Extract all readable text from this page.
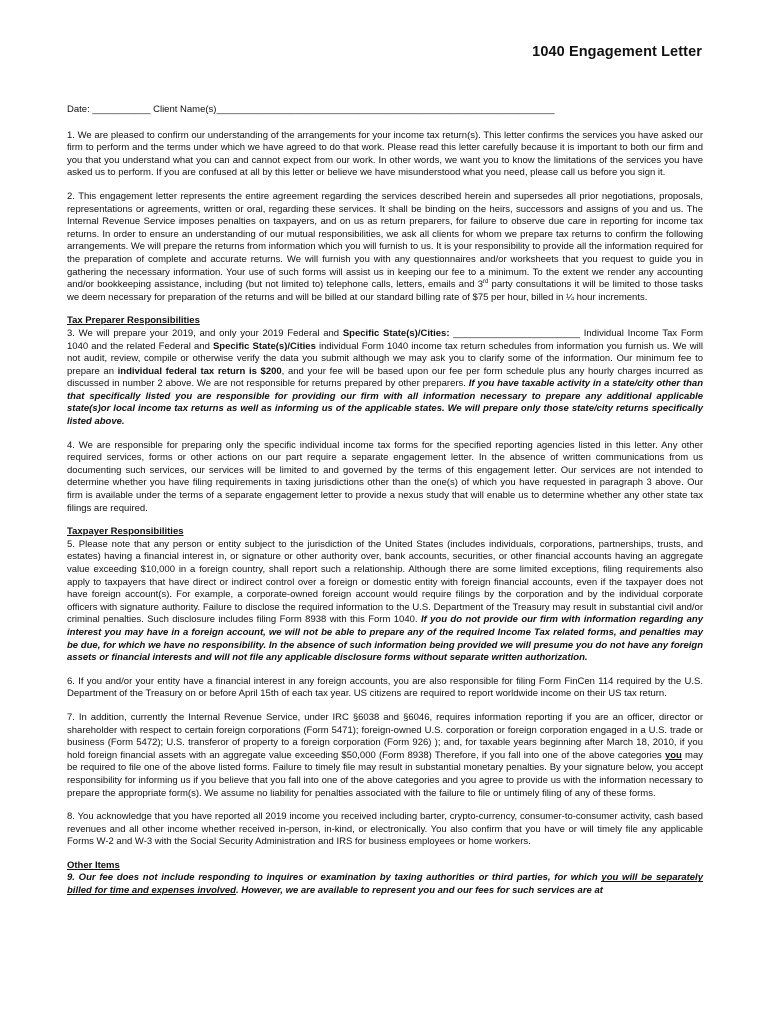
1040 Engagement Letter

Date: ___________ Client Name(s)________________________________________________________________

1. We are pleased to confirm our understanding of the arrangements for your income tax return(s). This letter confirms the services you have asked our firm to perform and the terms under which we have agreed to do that work. Please read this letter carefully because it is important to both our firm and you that you understand what you can and cannot expect from our work. In other words, we want you to know the limitations of the services you have asked us to perform. If you are confused at all by this letter or believe we have misunderstood what you need, please call us before you sign it.

2. This engagement letter represents the entire agreement regarding the services described herein and supersedes all prior negotiations, proposals, representations or agreements, written or oral, regarding these services. It shall be binding on the heirs, successors and assigns of you and us. The Internal Revenue Service imposes penalties on taxpayers, and on us as return preparers, for failure to observe due care in reporting for income tax returns. In order to ensure an understanding of our mutual responsibilities, we ask all clients for whom we prepare tax returns to confirm the following arrangements. We will prepare the returns from information which you will furnish to us. It is your responsibility to provide all the information required for the preparation of complete and accurate returns. We will furnish you with any questionnaires and/or worksheets that you request to guide you in gathering the necessary information. Your use of such forms will assist us in keeping our fee to a minimum. To the extent we render any accounting and/or bookkeeping assistance, including (but not limited to) telephone calls, letters, emails and 3rd party consultations it will be limited to those tasks we deem necessary for preparation of the returns and will be billed at our standard billing rate of $75 per hour, billed in ¼ hour increments.

Tax Preparer Responsibilities
3. We will prepare your 2019, and only your 2019 Federal and Specific State(s)/Cities: ________________________ Individual Income Tax Form 1040 and the related Federal and Specific State(s)/Cities individual Form 1040 income tax return schedules from information you furnish us. We will not audit, review, compile or otherwise verify the data you submit although we may ask you to clarify some of the information. Our minimum fee to prepare an individual federal tax return is $200, and your fee will be based upon our fee per form schedule plus any hourly charges incurred as discussed in number 2 above. We are not responsible for returns prepared by other preparers. If you have taxable activity in a state/city other than that specifically listed you are responsible for providing our firm with all information necessary to prepare any additional applicable state(s)or local income tax returns as well as informing us of the applicable states. We will prepare only those state/city returns specifically listed above.

4. We are responsible for preparing only the specific individual income tax forms for the specified reporting agencies listed in this letter. Any other required services, forms or other actions on our part require a separate engagement letter. In the absence of written communications from us documenting such services, our services will be limited to and governed by the terms of this engagement letter. Our services are not intended to determine whether you have filing requirements in taxing jurisdictions other than the one(s) of which you have requested in paragraph 3 above. Our firm is available under the terms of a separate engagement letter to provide a nexus study that will enable us to determine whether any other state tax filings are required.

Taxpayer Responsibilities
5. Please note that any person or entity subject to the jurisdiction of the United States (includes individuals, corporations, partnerships, trusts, and estates) having a financial interest in, or signature or other authority over, bank accounts, securities, or other financial accounts having an aggregate value exceeding $10,000 in a foreign country, shall report such a relationship. Although there are some limited exceptions, filing requirements also apply to taxpayers that have direct or indirect control over a foreign or domestic entity with foreign financial accounts, even if the taxpayer does not have foreign account(s). For example, a corporate-owned foreign account would require filings by the corporation and by the individual corporate officers with signature authority. Failure to disclose the required information to the U.S. Department of the Treasury may result in substantial civil and/or criminal penalties. Such disclosure includes filing Form 8938 with this Form 1040. If you do not provide our firm with information regarding any interest you may have in a foreign account, we will not be able to prepare any of the required Income Tax related forms, and penalties may be due, for which we have no responsibility. In the absence of such information being provided we will presume you do not have any foreign assets or financial interests and will not file any applicable disclosure forms without separate written authorization.

6. If you and/or your entity have a financial interest in any foreign accounts, you are also responsible for filing Form FinCen 114 required by the U.S. Department of the Treasury on or before April 15th of each tax year. US citizens are required to report worldwide income on their US tax return.

7. In addition, currently the Internal Revenue Service, under IRC §6038 and §6046, requires information reporting if you are an officer, director or shareholder with respect to certain foreign corporations (Form 5471); foreign-owned U.S. corporation or foreign corporation engaged in a U.S. trade or business (Form 5472); U.S. transferor of property to a foreign corporation (Form 926) ); and, for taxable years beginning after March 18, 2010, if you hold foreign financial assets with an aggregate value exceeding $50,000 (Form 8938) Therefore, if you fall into one of the above categories you may be required to file one of the above listed forms. Failure to timely file may result in substantial monetary penalties. By your signature below, you accept responsibility for informing us if you believe that you fall into one of the above categories and you agree to provide us with the information necessary to prepare the appropriate form(s). We assume no liability for penalties associated with the failure to file or untimely filing of any of these forms.

8. You acknowledge that you have reported all 2019 income you received including barter, crypto-currency, consumer-to-consumer activity, cash based revenues and all other income whether received in-person, in-kind, or electronically. You also confirm that you have or will timely file any applicable Forms W-2 and W-3 with the Social Security Administration and IRS for business employees or home workers.

Other Items
9. Our fee does not include responding to inquires or examination by taxing authorities or third parties, for which you will be separately billed for time and expenses involved. However, we are available to represent you and our fees for such services are at
